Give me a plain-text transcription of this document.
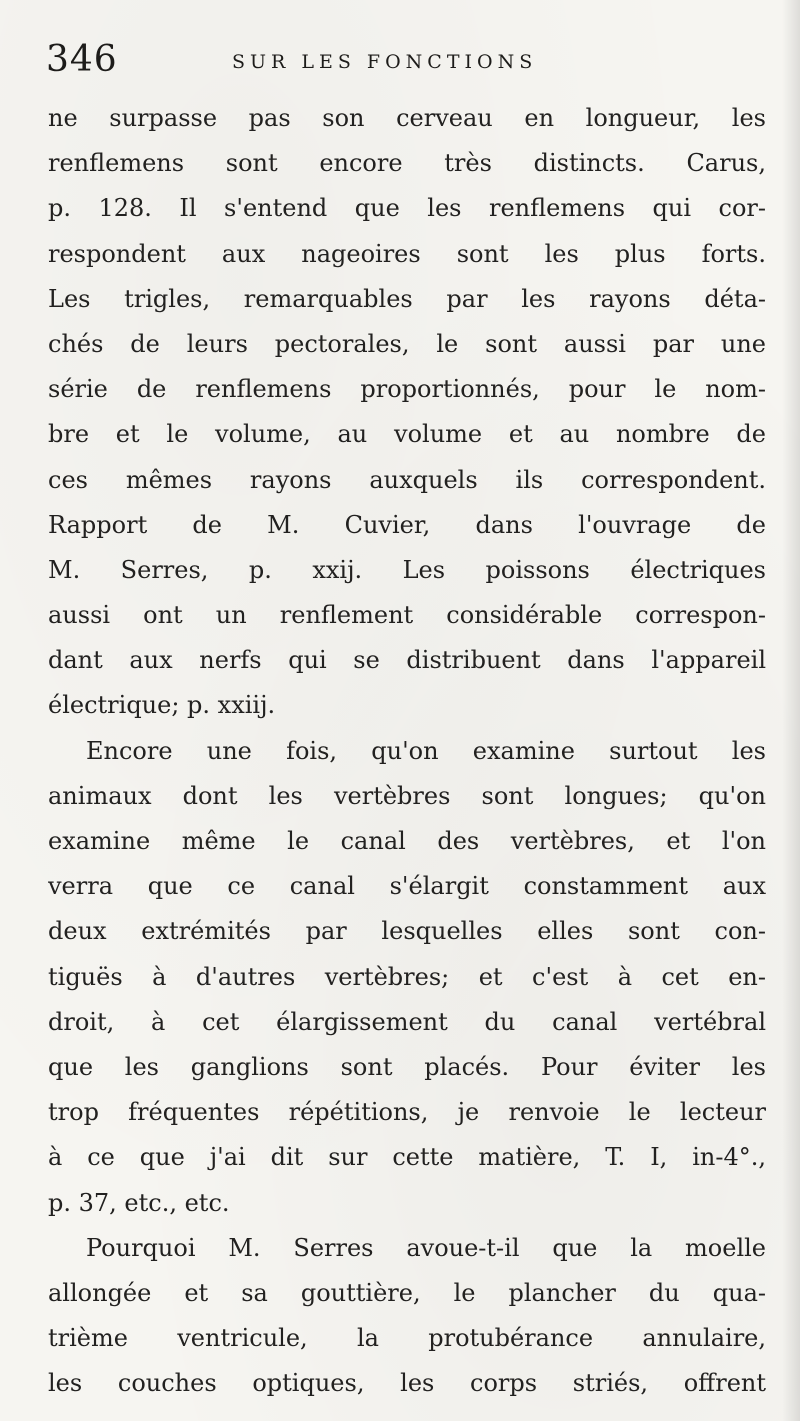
346	SUR LES FONCTIONS
ne surpasse pas son cerveau en longueur, les
renflemens sont encore très distincts. Carus,
p. 128. Il s'entend que les renflemens qui cor-
respondent aux nageoires sont les plus forts.
Les trigles, remarquables par les rayons déta-
chés de leurs pectorales, le sont aussi par une
série de renflemens proportionnés, pour le nom-
bre et le volume, au volume et au nombre de
ces mêmes rayons auxquels ils correspondent.
Rapport de M. Cuvier, dans l'ouvrage de
M. Serres, p. xxij. Les poissons électriques
aussi ont un renflement considérable correspon-
dant aux nerfs qui se distribuent dans l'appareil
électrique; p. xxiij.
Encore une fois, qu'on examine surtout les
animaux dont les vertèbres sont longues; qu'on
examine même le canal des vertèbres, et l'on
verra que ce canal s'élargit constamment aux
deux extrémités par lesquelles elles sont con-
tiguës à d'autres vertèbres; et c'est à cet en-
droit, à cet élargissement du canal vertébral
que les ganglions sont placés. Pour éviter les
trop fréquentes répétitions, je renvoie le lecteur
à ce que j'ai dit sur cette matière, T. I, in-4°.,
p. 37, etc., etc.
Pourquoi M. Serres avoue-t-il que la moelle
allongée et sa gouttière, le plancher du qua-
trième ventricule, la protubérance annulaire,
les couches optiques, les corps striés, offrent
